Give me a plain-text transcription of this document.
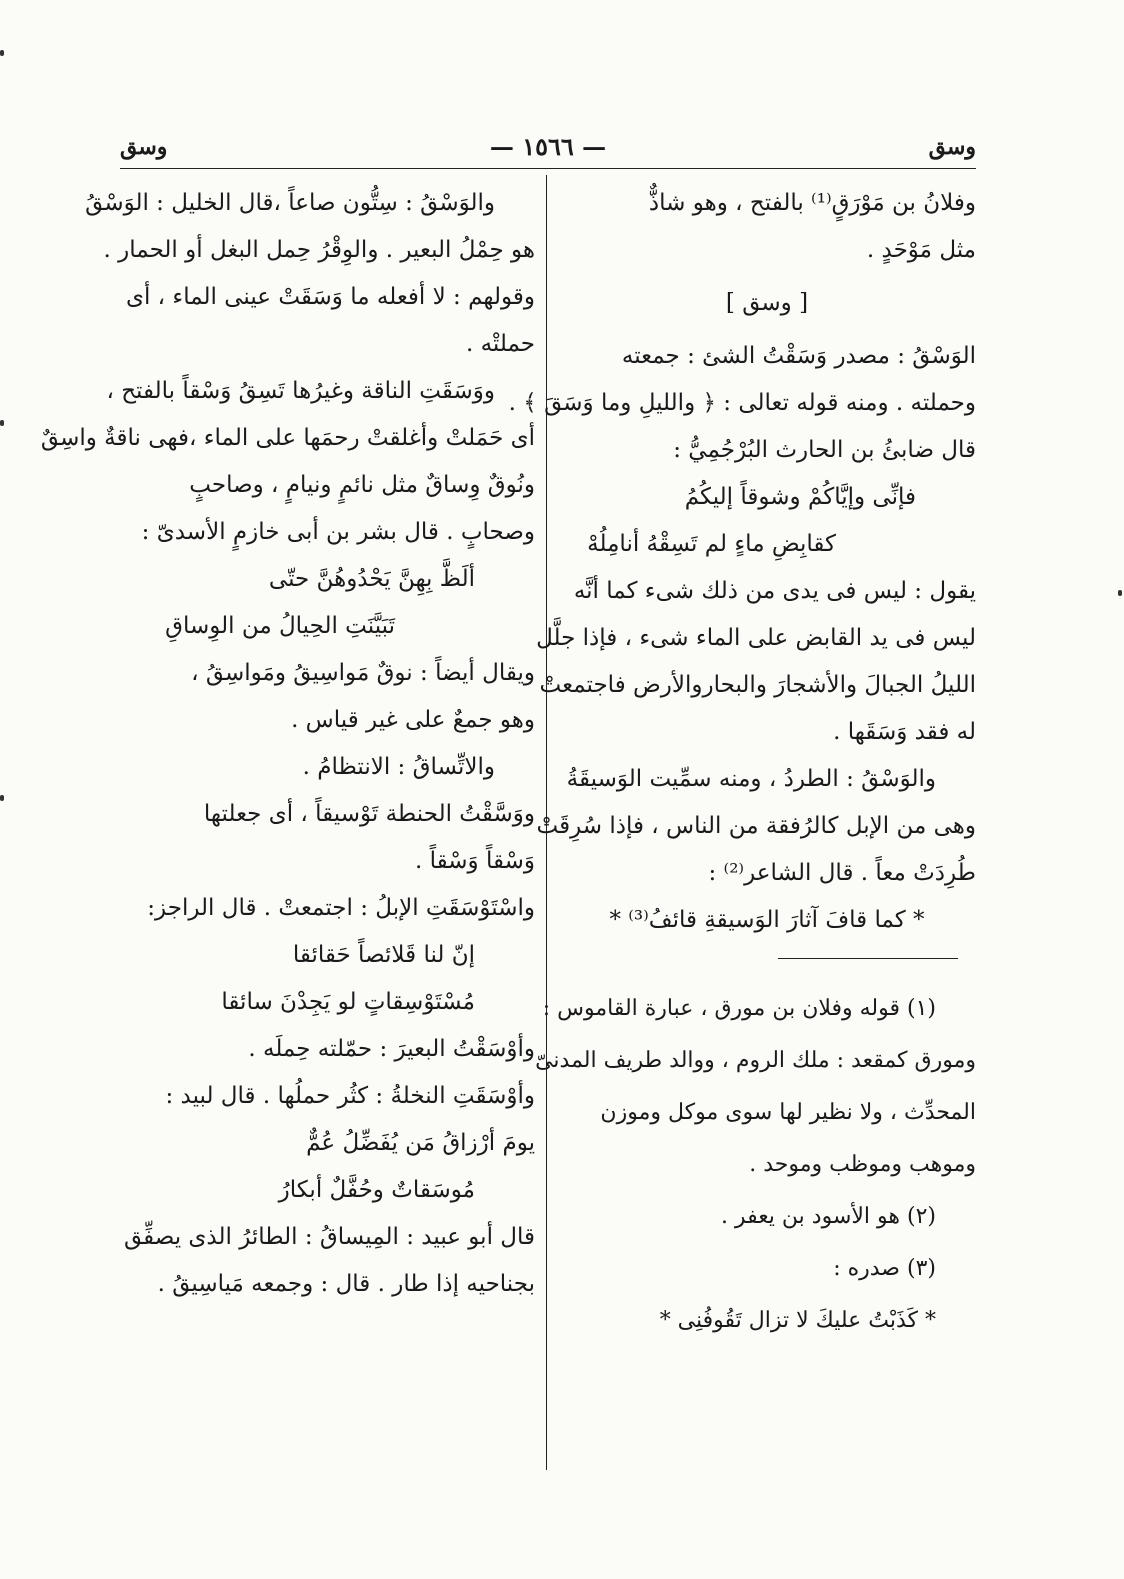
وسق
— ١٥٦٦ —
وسق
وفلانُ بن مَوْرَقٍ⁽¹⁾ بالفتح ، وهو شاذٌّ
مثل مَوْحَدٍ .
[ وسق ]
الوَسْقُ : مصدر وَسَقْتُ الشئ : جمعته
وحملته . ومنه قوله تعالى : ﴿ والليلِ وما وَسَقَ ﴾ .
قال ضابئُ بن الحارث البُرْجُمِيُّ :
فإنِّى وإيَّاكُمْ وشوقاً إليكُمُ
كقابِضِ ماءٍ لم تَسِقْهُ أنامِلُهْ
يقول : ليس فى يدى من ذلك شىء كما أنَّه
ليس فى يد القابض على الماء شىء ، فإذا جلَّل
الليلُ الجبالَ والأشجارَ والبحاروالأرض فاجتمعتْ
له فقد وَسَقَها .
والوَسْقُ : الطردُ ، ومنه سمِّيت الوَسيقَةُ
وهى من الإبل كالرُفقة من الناس ، فإذا سُرِقَتْ
طُرِدَتْ معاً . قال الشاعر⁽²⁾ :
* كما قافَ آثارَ الوَسيقةِ قائفُ⁽³⁾ *
(١) قوله وفلان بن مورق ، عبارة القاموس :
ومورق كمقعد : ملك الروم ، ووالد طريف المدنىّ
المحدِّث ، ولا نظير لها سوى موكل وموزن
وموهب وموظب وموحد .
(٢) هو الأسود بن يعفر .
(٣) صدره :
* كَذَبْتُ عليكَ لا تزال تَقُوفُنِى *
والوَسْقُ : سِتُّون صاعاً ،قال الخليل : الوَسْقُ
هو حِمْلُ البعير . والوِقْرُ حِمل البغل أو الحمار .
وقولهم : لا أفعله ما وَسَقَتْ عينى الماء ، أى
حملتْه .
ووَسَقَتِ الناقة وغيرُها تَسِقُ وَسْقاً بالفتح ،
أى حَمَلتْ وأغلقتْ رحمَها على الماء ،فهى ناقةٌ واسِقٌ
ونُوقٌ وِساقٌ مثل نائمٍ ونيامٍ ، وصاحبٍ
وصحابٍ . قال بشر بن أبى خازمٍ الأسدىّ :
ألَظَّ بِهِنَّ يَحْدُوهُنَّ حتّى
تَبَيَّنَتِ الحِيالُ من الوِساقِ
ويقال أيضاً : نوقٌ مَواسِيقُ ومَواسِقُ ،
وهو جمعٌ على غير قياس .
والاتِّساقُ : الانتظامُ .
ووَسَّقْتُ الحنطة تَوْسيقاً ، أى جعلتها
وَسْقاً وَسْقاً .
واسْتَوْسَقَتِ الإبلُ : اجتمعتْ . قال الراجز:
إنّ لنا قَلائصاً حَقائقا
مُسْتَوْسِقاتٍ لو يَجِدْنَ سائقا
وأوْسَقْتُ البعيرَ : حمّلته حِملَه .
وأوْسَقَتِ النخلةُ : كثُر حملُها . قال لبيد :
يومَ أرْزاقُ مَن يُفَضِّلُ عُمٌّ
مُوسَقاتٌ وحُفَّلٌ أبكارُ
قال أبو عبيد : المِيساقُ : الطائرُ الذى يصفِّق
بجناحيه إذا طار . قال : وجمعه مَياسِيقُ .
